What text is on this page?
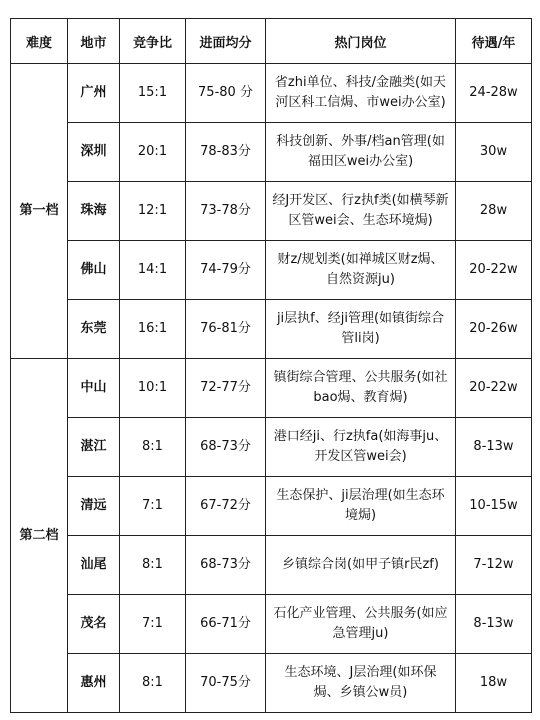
难度	地市	竞争比	进面均分	热门岗位	待遇/年
第一档	广州	15:1	75-80 分	省zhi单位、科技/金融类(如天河区科工信焗、市wei办公室)	24-28w
	深圳	20:1	78-83分	科技创新、外事/档an管理(如福田区wei办公室)	30w
	珠海	12:1	73-78分	经J开发区、行z执f类(如横琴新区管wei会、生态环境焗)	28w
	佛山	14:1	74-79分	财z/规划类(如禅城区财z焗、自然资源ju)	20-22w
	东莞	16:1	76-81分	ji层执f、经ji管理(如镇街综合管li岗)	20-26w
第二档	中山	10:1	72-77分	镇街综合管理、公共服务(如社bao焗、教育焗)	20-22w
	湛江	8:1	68-73分	港口经ji、行z执fa(如海事ju、开发区管wei会)	8-13w
	清远	7:1	67-72分	生态保护、ji层治理(如生态环境焗)	10-15w
	汕尾	8:1	68-73分	乡镇综合岗(如甲子镇r民zf)	7-12w
	茂名	7:1	66-71分	石化产业管理、公共服务(如应急管理ju)	8-13w
	惠州	8:1	70-75分	生态环境、J层治理(如环保焗、乡镇公w员)	18w
